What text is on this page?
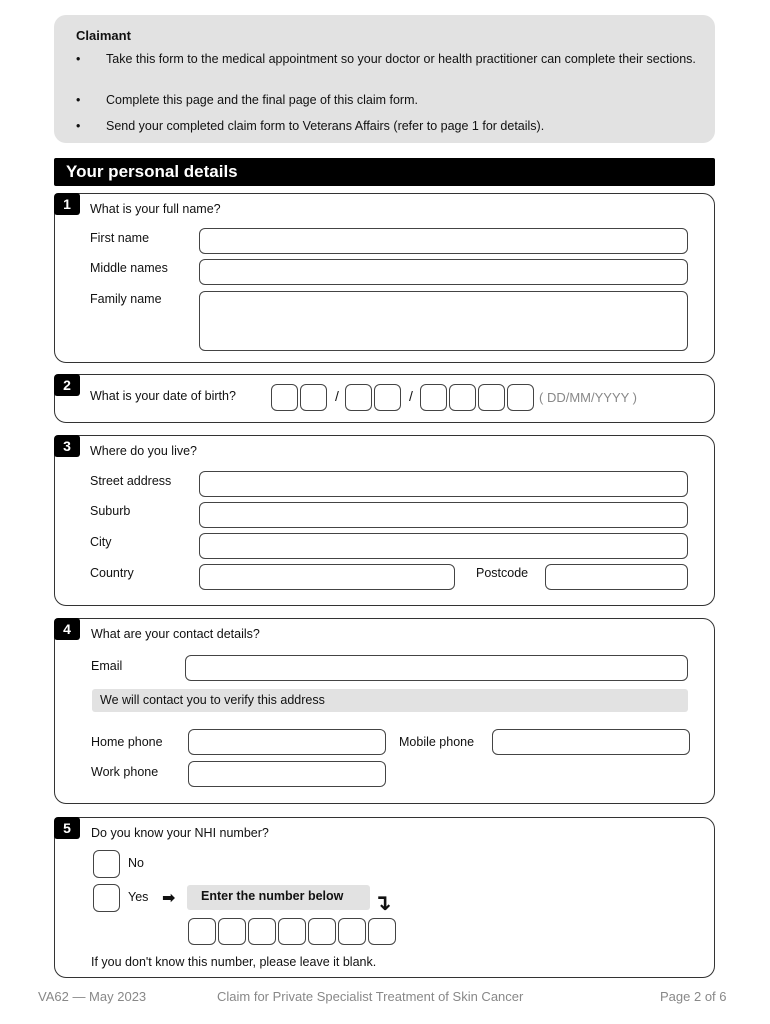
Claimant
• Take this form to the medical appointment so your doctor or health practitioner can complete their sections.
• Complete this page and the final page of this claim form.
• Send your completed claim form to Veterans Affairs (refer to page 1 for details).
Your personal details
1	What is your full name?
First name
Middle names
Family name
2
What is your date of birth?	/	/	( DD/MM/YYYY )
3	Where do you live?
Street address
Suburb
City
Country	Postcode
4	What are your contact details?
Email
We will contact you to verify this address
Home phone	Mobile phone
Work phone
5	Do you know your NHI number?
No
Yes ➡	Enter the number below	↴
If you don't know this number, please leave it blank.
VA62 — May 2023	Claim for Private Specialist Treatment of Skin Cancer	Page 2 of 6
